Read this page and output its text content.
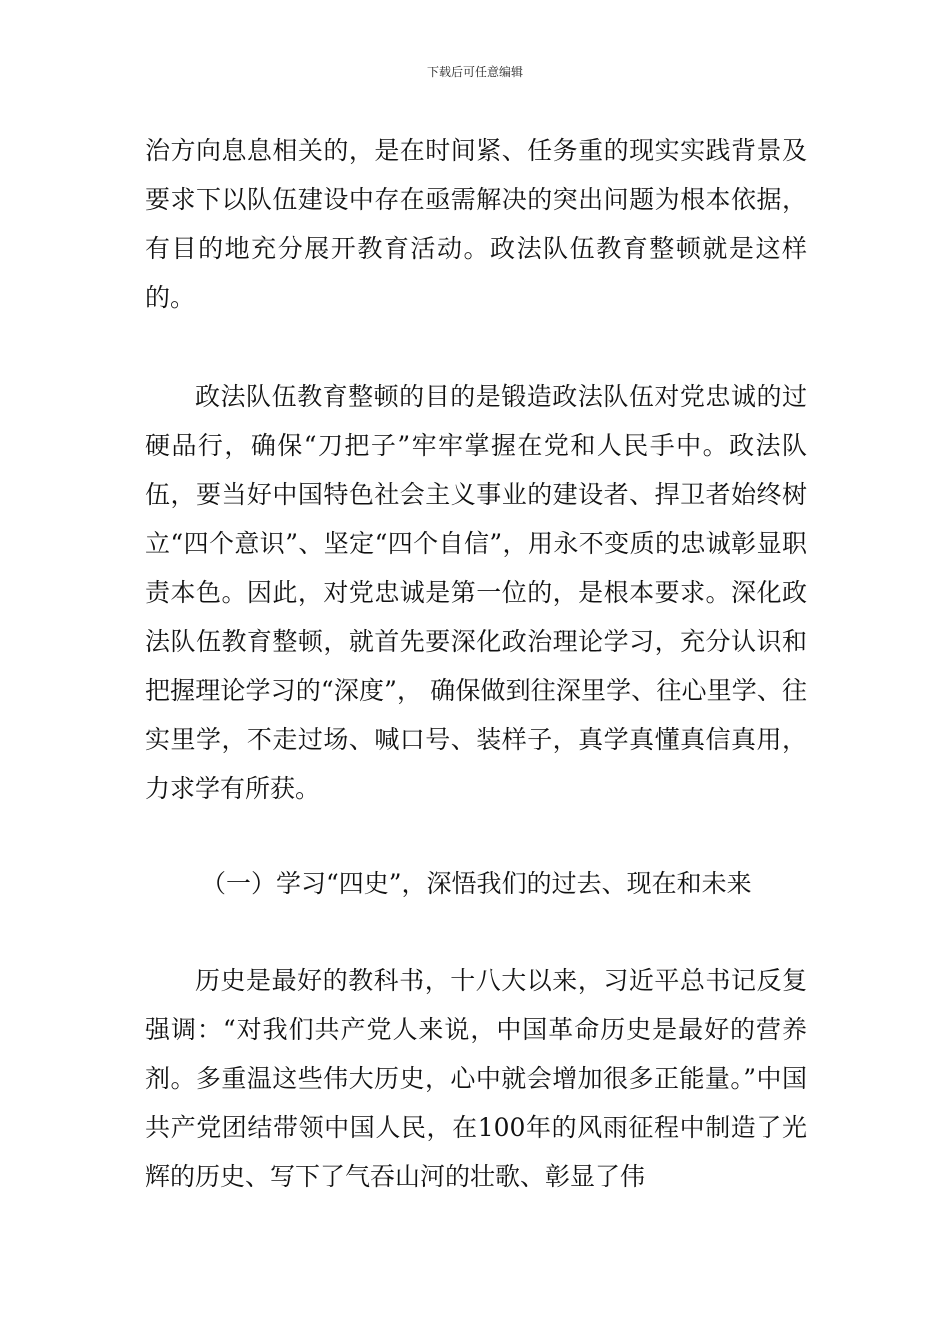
下载后可任意编辑

治方向息息相关的，是在时间紧、任务重的现实实践背景及要求下以队伍建设中存在亟需解决的突出问题为根本依据，有目的地充分展开教育活动。政法队伍教育整顿就是这样的。

政法队伍教育整顿的目的是锻造政法队伍对党忠诚的过硬品行，确保“刀把子”牢牢掌握在党和人民手中。政法队伍，要当好中国特色社会主义事业的建设者、捍卫者始终树立“四个意识”、坚定“四个自信”，用永不变质的忠诚彰显职责本色。因此，对党忠诚是第一位的，是根本要求。深化政法队伍教育整顿，就首先要深化政治理论学习，充分认识和把握理论学习的“深度”， 确保做到往深里学、往心里学、往实里学，不走过场、喊口号、装样子，真学真懂真信真用，力求学有所获。

（一）学习“四史”，深悟我们的过去、现在和未来

历史是最好的教科书，十八大以来，习近平总书记反复强调：“对我们共产党人来说，中国革命历史是最好的营养剂。多重温这些伟大历史，心中就会增加很多正能量。”中国共产党团结带领中国人民，在100年的风雨征程中制造了光辉的历史、写下了气吞山河的壮歌、彰显了伟
